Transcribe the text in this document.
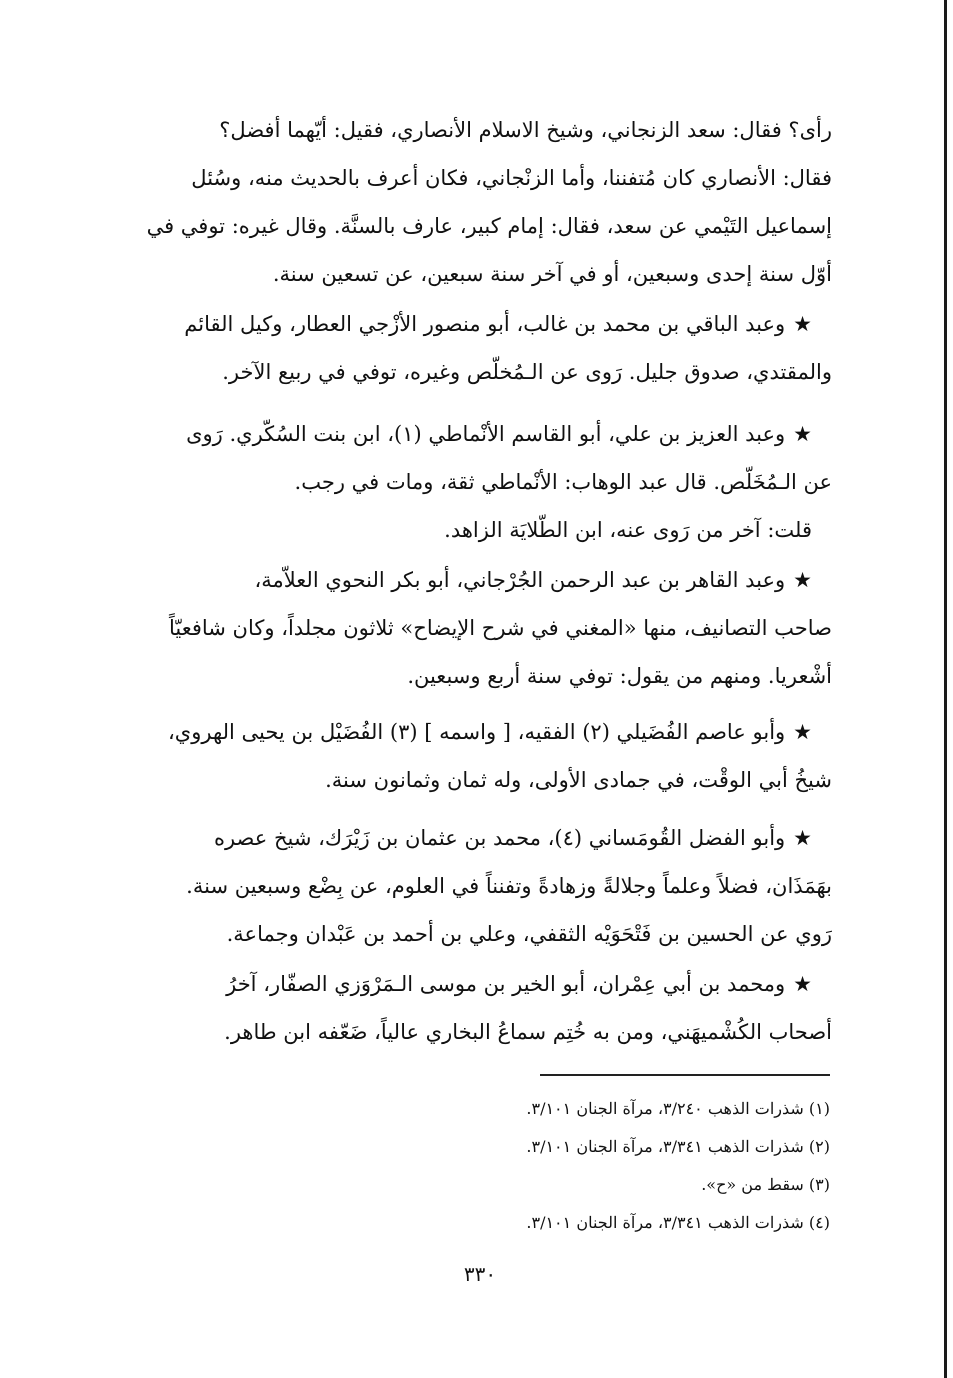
رأى؟ فقال: سعد الزنجاني، وشيخ الاسلام الأنصاري، فقيل: أيّهما أفضل؟
فقال: الأنصاري كان مُتفننا، وأما الزنْجاني، فكان أعرف بالحديث منه، وسُئل
إسماعيل التَيْمي عن سعد، فقال: إمام كبير، عارف بالسنَّة. وقال غيره: توفي في
أوّل سنة إحدى وسبعين، أو في آخر سنة سبعين، عن تسعين سنة.
★وعبد الباقي بن محمد بن غالب، أبو منصور الأزْجي العطار، وكيل القائم
والمقتدي، صدوق جليل. رَوى عن الـمُخلّص وغيره، توفي في ربيع الآخر.
★وعبد العزيز بن علي، أبو القاسم الأنْماطي (١)، ابن بنت السُكّري. رَوى
عن الـمُخَلّص. قال عبد الوهاب: الأنْماطي ثقة، ومات في رجب.
قلت: آخر من رَوى عنه، ابن الطّلايَة الزاهد.
★وعبد القاهر بن عبد الرحمن الجُرْجاني، أبو بكر النحوي العلاّمة،
صاحب التصانيف، منها «المغني في شرح الإيضاح» ثلاثون مجلداً، وكان شافعيّاً
أشْعريا. ومنهم من يقول: توفي سنة أربع وسبعين.
★وأبو عاصم الفُضَيلي (٢) الفقيه، [ واسمه ] (٣) الفُضَيْل بن يحيى الهروي،
شيخُ أبي الوقْت، في جمادى الأولى، وله ثمان وثمانون سنة.
★وأبو الفضل القُومَساني (٤)، محمد بن عثمان بن زَيْرَك، شيخ عصره
بهَمَذَان، فضلاً وعلماً وجلالةً وزهادةً وتفنناً في العلوم، عن بِضْع وسبعين سنة.
رَوي عن الحسين بن فَتْحَوَيْه الثقفي، وعلي بن أحمد بن عَبْدان وجماعة.
★ومحمد بن أبي عِمْران، أبو الخير بن موسى الـمَرْوَزي الصفّار، آخرُ
أصحاب الكُشْميهَني، ومن به خُتِم سماعُ البخاري عالياً، ضَعّفه ابن طاهر.
(١) شذرات الذهب ٣/٢٤٠، مرآة الجنان ٣/١٠١.
(٢) شذرات الذهب ٣/٣٤١، مرآة الجنان ٣/١٠١.
(٣) سقط من «ح».
(٤) شذرات الذهب ٣/٣٤١، مرآة الجنان ٣/١٠١.
٣٣٠
